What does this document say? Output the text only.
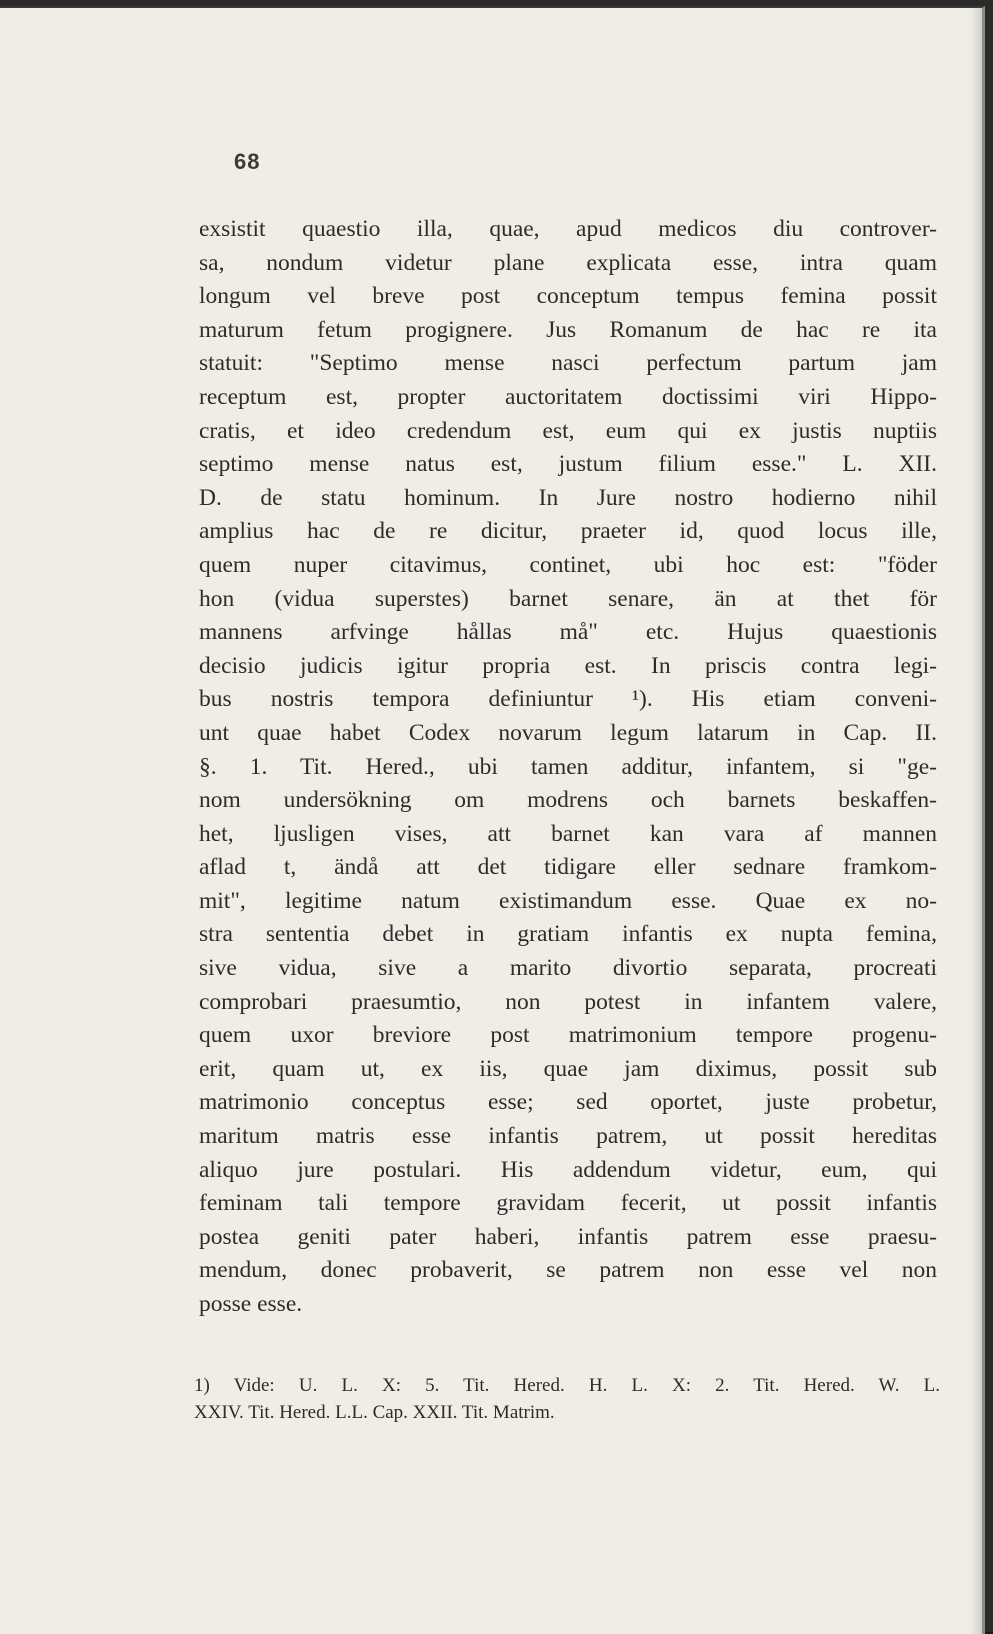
68
exsistit quaestio illa, quae, apud medicos diu controver-
sa, nondum videtur plane explicata esse, intra quam
longum vel breve post conceptum tempus femina possit
maturum fetum progignere. Jus Romanum de hac re ita
statuit: "Septimo mense nasci perfectum partum jam
receptum est, propter auctoritatem doctissimi viri Hippo-
cratis, et ideo credendum est, eum qui ex justis nuptiis
septimo mense natus est, justum filium esse." L. XII.
D. de statu hominum. In Jure nostro hodierno nihil
amplius hac de re dicitur, praeter id, quod locus ille,
quem nuper citavimus, continet, ubi hoc est: "föder
hon (vidua superstes) barnet senare, än at thet för
mannens arfvinge hållas må" etc. Hujus quaestionis
decisio judicis igitur propria est. In priscis contra legi-
bus nostris tempora definiuntur ¹). His etiam conveni-
unt quae habet Codex novarum legum latarum in Cap. II.
§. 1. Tit. Hered., ubi tamen additur, infantem, si "ge-
nom undersökning om modrens och barnets beskaffen-
het, ljusligen vises, att barnet kan vara af mannen
aflad t, ändå att det tidigare eller sednare framkom-
mit", legitime natum existimandum esse. Quae ex no-
stra sententia debet in gratiam infantis ex nupta femina,
sive vidua, sive a marito divortio separata, procreati
comprobari praesumtio, non potest in infantem valere,
quem uxor breviore post matrimonium tempore progenu-
erit, quam ut, ex iis, quae jam diximus, possit sub
matrimonio conceptus esse; sed oportet, juste probetur,
maritum matris esse infantis patrem, ut possit hereditas
aliquo jure postulari. His addendum videtur, eum, qui
feminam tali tempore gravidam fecerit, ut possit infantis
postea geniti pater haberi, infantis patrem esse praesu-
mendum, donec probaverit, se patrem non esse vel non
posse esse.
1) Vide: U. L. X: 5. Tit. Hered. H. L. X: 2. Tit. Hered. W. L.
XXIV. Tit. Hered. L.L. Cap. XXII. Tit. Matrim.
